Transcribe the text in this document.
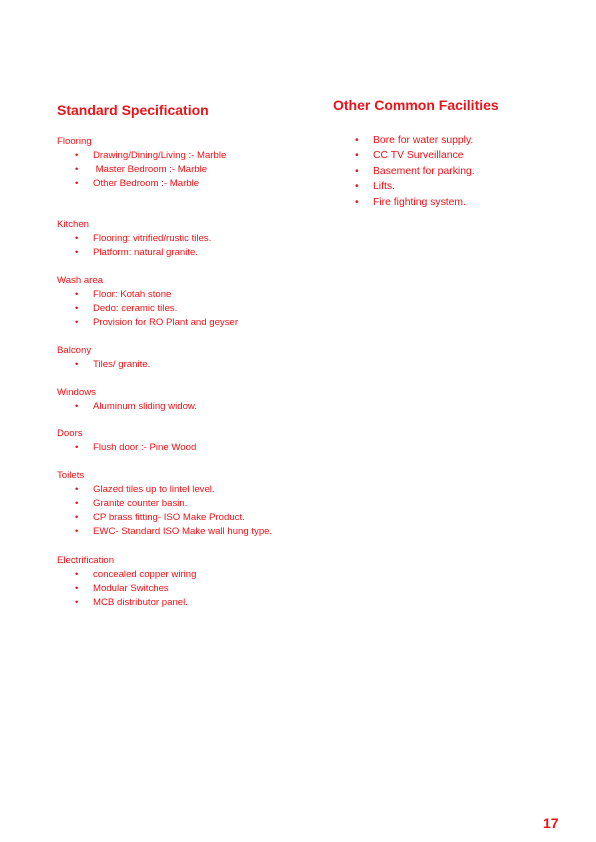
Standard Specification	Other Common Facilities
Flooring
• Drawing/Dining/Living :- Marble
• Master Bedroom :- Marble
• Other Bedroom :- Marble
Kitchen
• Flooring: vitrified/rustic tiles.
• Platform: natural granite.
Wash area
• Floor: Kotah stone
• Dedo: ceramic tiles.
• Provision for RO Plant and geyser
Balcony
• Tiles/ granite.
Windows
• Aluminum sliding widow.
Doors
• Flush door :- Pine Wood
Toilets
• Glazed tiles up to lintel level.
• Granite counter basin.
• CP brass fitting- ISO Make Product.
• EWC- Standard ISO Make wall hung type.
Electrification
• concealed copper wiring
• Modular Switches
• MCB distributor panel.
• Bore for water supply.
• CC TV Surveillance
• Basement for parking.
• Lifts.
• Fire fighting system.
17
